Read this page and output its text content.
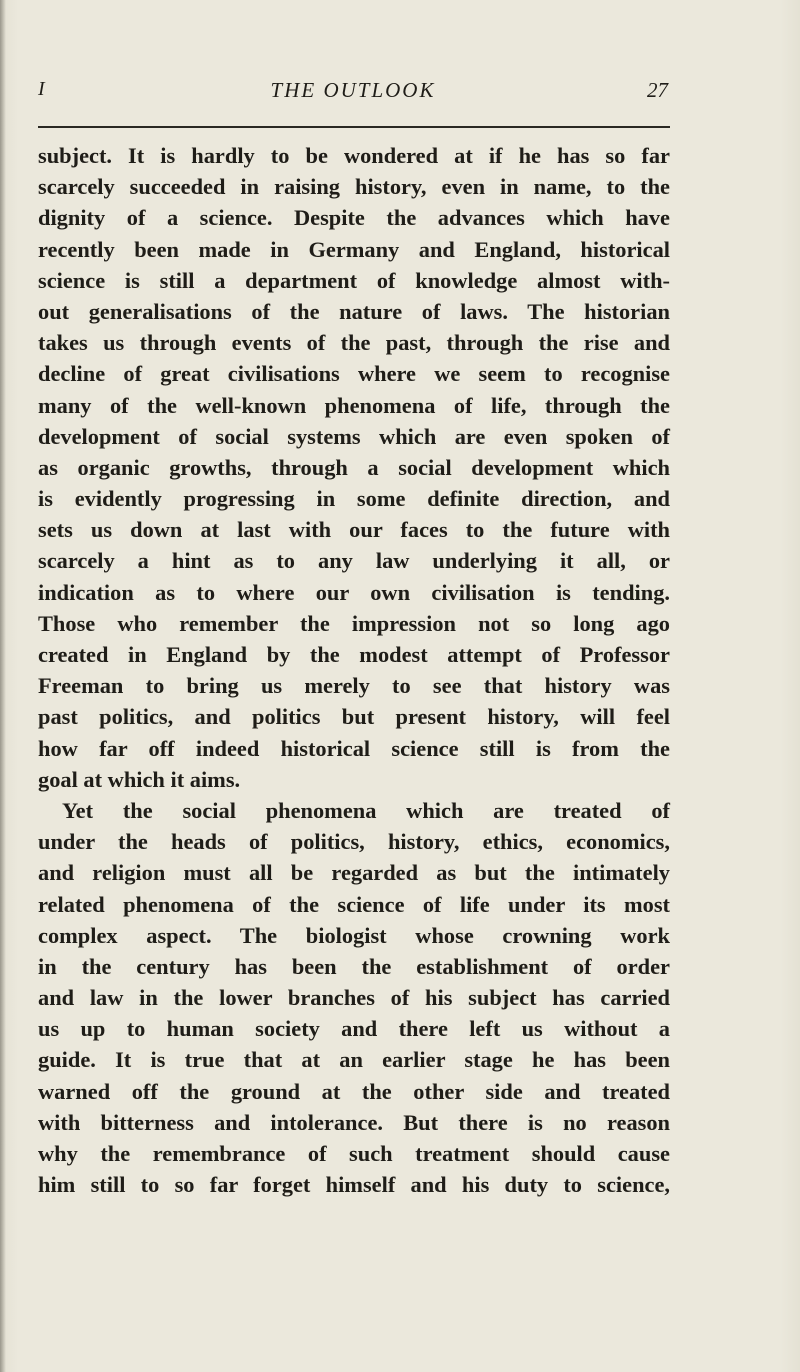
I	THE OUTLOOK	27
subject. It is hardly to be wondered at if he has so far
scarcely succeeded in raising history, even in name, to the
dignity of a science. Despite the advances which have
recently been made in Germany and England, historical
science is still a department of knowledge almost with-
out generalisations of the nature of laws. The historian
takes us through events of the past, through the rise and
decline of great civilisations where we seem to recognise
many of the well-known phenomena of life, through the
development of social systems which are even spoken of
as organic growths, through a social development which
is evidently progressing in some definite direction, and
sets us down at last with our faces to the future with
scarcely a hint as to any law underlying it all, or
indication as to where our own civilisation is tending.
Those who remember the impression not so long ago
created in England by the modest attempt of Professor
Freeman to bring us merely to see that history was
past politics, and politics but present history, will feel
how far off indeed historical science still is from the
goal at which it aims.
Yet the social phenomena which are treated of
under the heads of politics, history, ethics, economics,
and religion must all be regarded as but the intimately
related phenomena of the science of life under its most
complex aspect. The biologist whose crowning work
in the century has been the establishment of order
and law in the lower branches of his subject has carried
us up to human society and there left us without a
guide. It is true that at an earlier stage he has been
warned off the ground at the other side and treated
with bitterness and intolerance. But there is no reason
why the remembrance of such treatment should cause
him still to so far forget himself and his duty to science,
